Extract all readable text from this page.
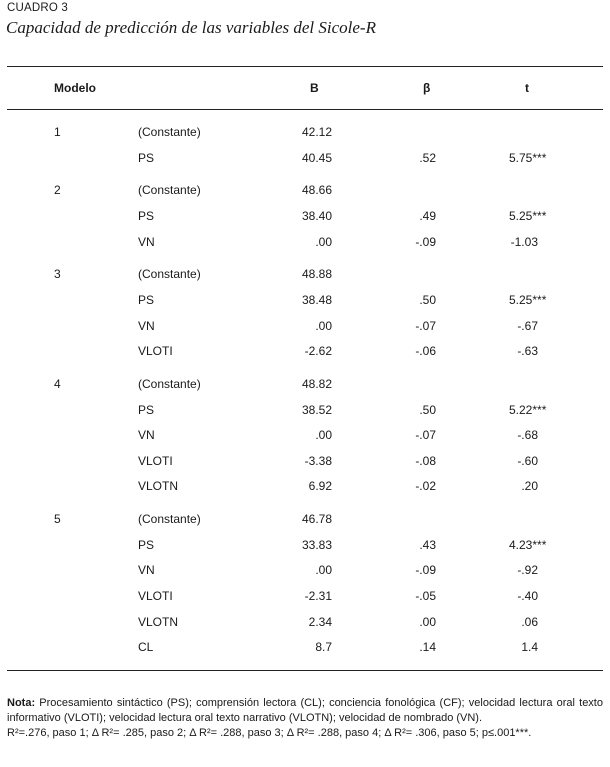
CUADRO 3
Capacidad de predicción de las variables del Sicole-R
Modelo	B	β	t
1	(Constante)	42.12
PS	40.45	.52	5.75***
2	(Constante)	48.66
PS	38.40	.49	5.25***
VN	.00	-.09	-1.03
3	(Constante)	48.88
PS	38.48	.50	5.25***
VN	.00	-.07	-.67
VLOTI	-2.62	-.06	-.63
4	(Constante)	48.82
PS	38.52	.50	5.22***
VN	.00	-.07	-.68
VLOTI	-3.38	-.08	-.60
VLOTN	6.92	-.02	.20
5	(Constante)	46.78
PS	33.83	.43	4.23***
VN	.00	-.09	-.92
VLOTI	-2.31	-.05	-.40
VLOTN	2.34	.00	.06
CL	8.7	.14	1.4
Nota: Procesamiento sintáctico (PS); comprensión lectora (CL); conciencia fonológica (CF); velocidad lectura oral texto informativo (VLOTI); velocidad lectura oral texto narrativo (VLOTN); velocidad de nombrado (VN).
R²=.276, paso 1; Δ R²= .285, paso 2; Δ R²= .288, paso 3; Δ R²= .288, paso 4; Δ R²= .306, paso 5; p≤.001***.
